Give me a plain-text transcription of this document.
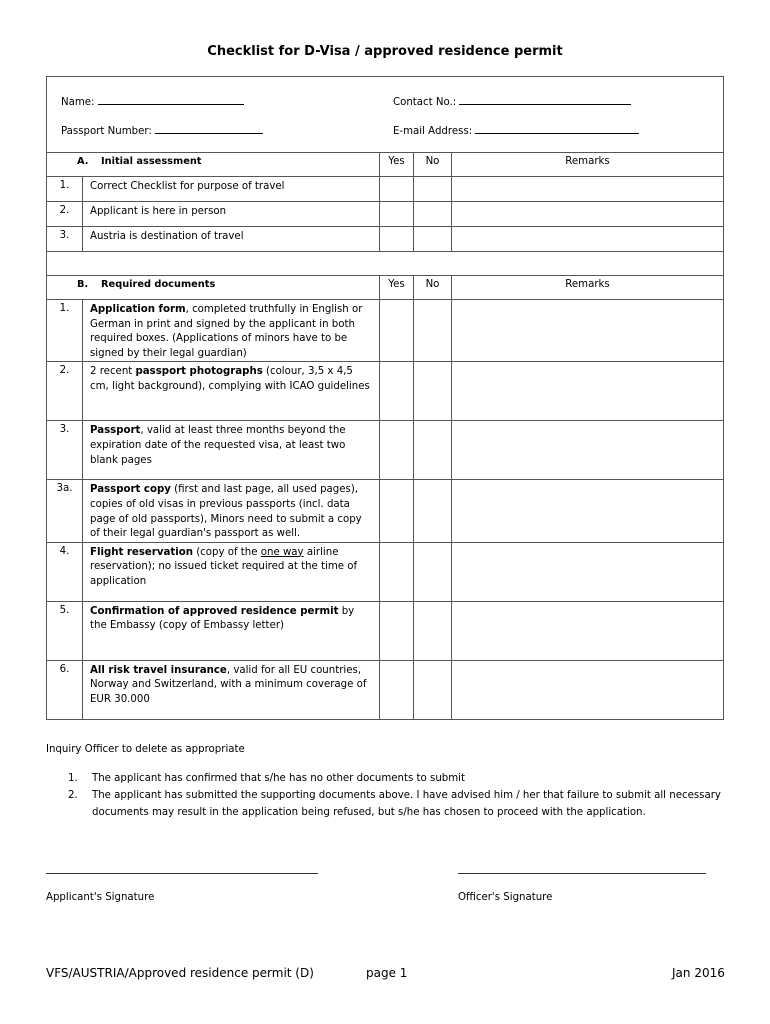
Checklist for D-Visa / approved residence permit
Name: Contact No.:
Passport Number: E-mail Address:				

A. Initial assessment		Yes	No	Remarks
1.	Correct Checklist for purpose of travel			
2.	Applicant is here in person			
3.	Austria is destination of travel			

B. Required documents		Yes	No	Remarks
1.	Application form, completed truthfully in English or German in print and signed by the applicant in both required boxes. (Applications of minors have to be signed by their legal guardian)			
2.	2 recent passport photographs (colour, 3,5 x 4,5 cm, light background), complying with ICAO guidelines			
3.	Passport, valid at least three months beyond the expiration date of the requested visa, at least two blank pages			
3a.	Passport copy (first and last page, all used pages), copies of old visas in previous passports (incl. data page of old passports), Minors need to submit a copy of their legal guardian's passport as well.			
4.	Flight reservation (copy of the one way airline reservation); no issued ticket required at the time of application			
5.	Confirmation of approved residence permit by the Embassy (copy of Embassy letter)			
6.	All risk travel insurance, valid for all EU countries, Norway and Switzerland, with a minimum coverage of EUR 30.000			
Inquiry Officer to delete as appropriate
1. The applicant has confirmed that s/he has no other documents to submit
2. The applicant has submitted the supporting documents above. I have advised him / her that failure to submit all necessary documents may result in the application being refused, but s/he has chosen to proceed with the application.
Applicant's Signature	Officer's Signature
VFS/AUSTRIA/Approved residence permit (D)	page 1	Jan 2016
